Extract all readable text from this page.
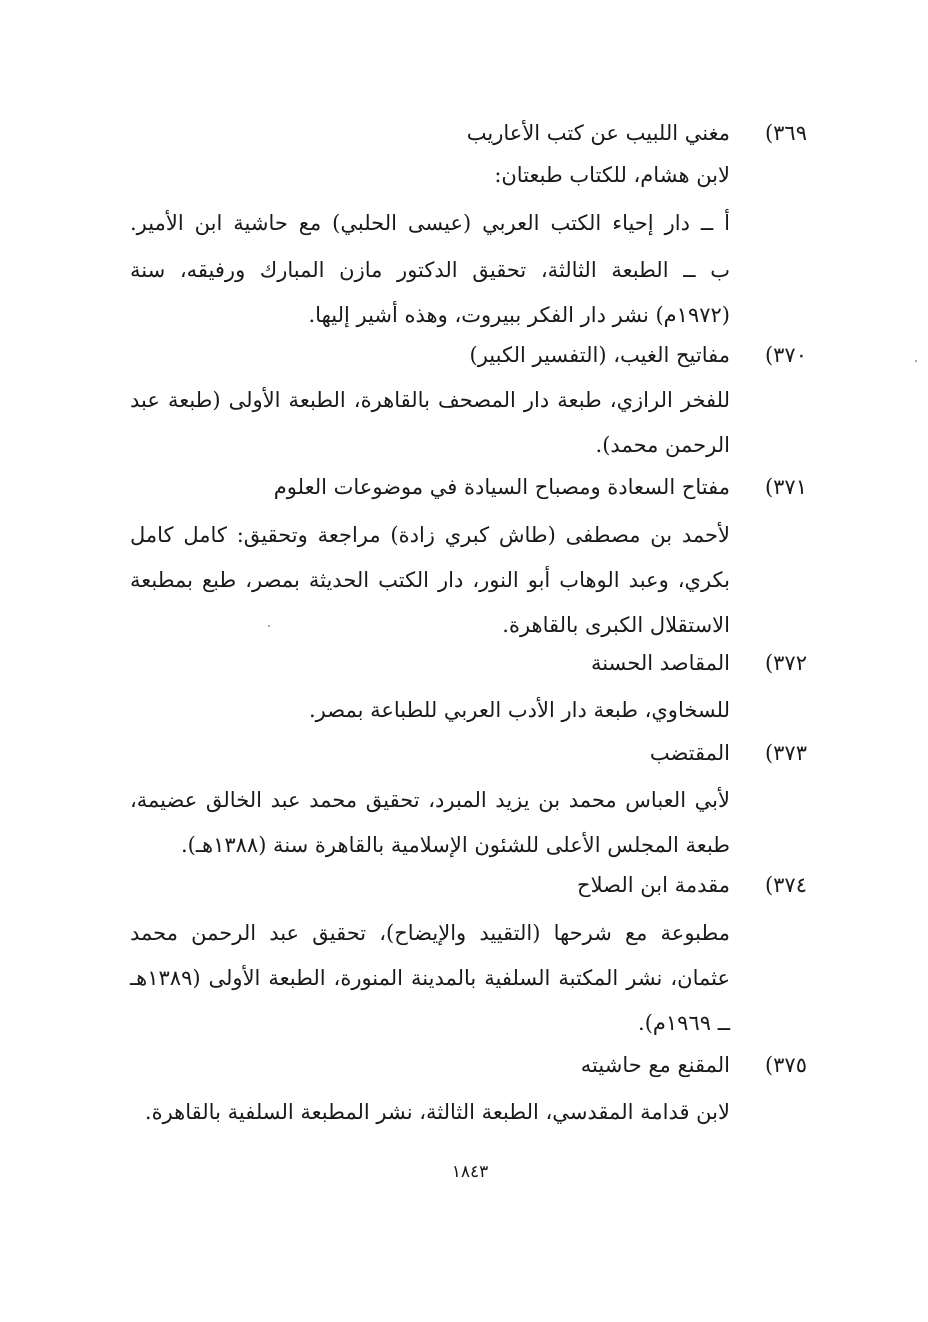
٣٦٩)
مغني اللبيب عن كتب الأعاريب
لابن هشام، للكتاب طبعتان:
أ ــ دار إحياء الكتب العربي (عيسى الحلبي) مع حاشية ابن الأمير.
ب ــ الطبعة الثالثة، تحقيق الدكتور مازن المبارك ورفيقه، سنة
(١٩٧٢م) نشر دار الفكر ببيروت، وهذه أشير إليها.
٣٧٠)
مفاتيح الغيب، (التفسير الكبير)
للفخر الرازي، طبعة دار المصحف بالقاهرة، الطبعة الأولى (طبعة عبد
الرحمن محمد).
٣٧١)
مفتاح السعادة ومصباح السيادة في موضوعات العلوم
لأحمد بن مصطفى (طاش كبري زادة) مراجعة وتحقيق: كامل كامل
بكري، وعبد الوهاب أبو النور، دار الكتب الحديثة بمصر، طبع بمطبعة
الاستقلال الكبرى بالقاهرة.
٣٧٢)
المقاصد الحسنة
للسخاوي، طبعة دار الأدب العربي للطباعة بمصر.
٣٧٣)
المقتضب
لأبي العباس محمد بن يزيد المبرد، تحقيق محمد عبد الخالق عضيمة،
طبعة المجلس الأعلى للشئون الإسلامية بالقاهرة سنة (١٣٨٨هـ).
٣٧٤)
مقدمة ابن الصلاح
مطبوعة مع شرحها (التقييد والإيضاح)، تحقيق عبد الرحمن محمد
عثمان، نشر المكتبة السلفية بالمدينة المنورة، الطبعة الأولى (١٣٨٩هـ
ــ ١٩٦٩م).
٣٧٥)
المقنع مع حاشيته
لابن قدامة المقدسي، الطبعة الثالثة، نشر المطبعة السلفية بالقاهرة.
١٨٤٣
